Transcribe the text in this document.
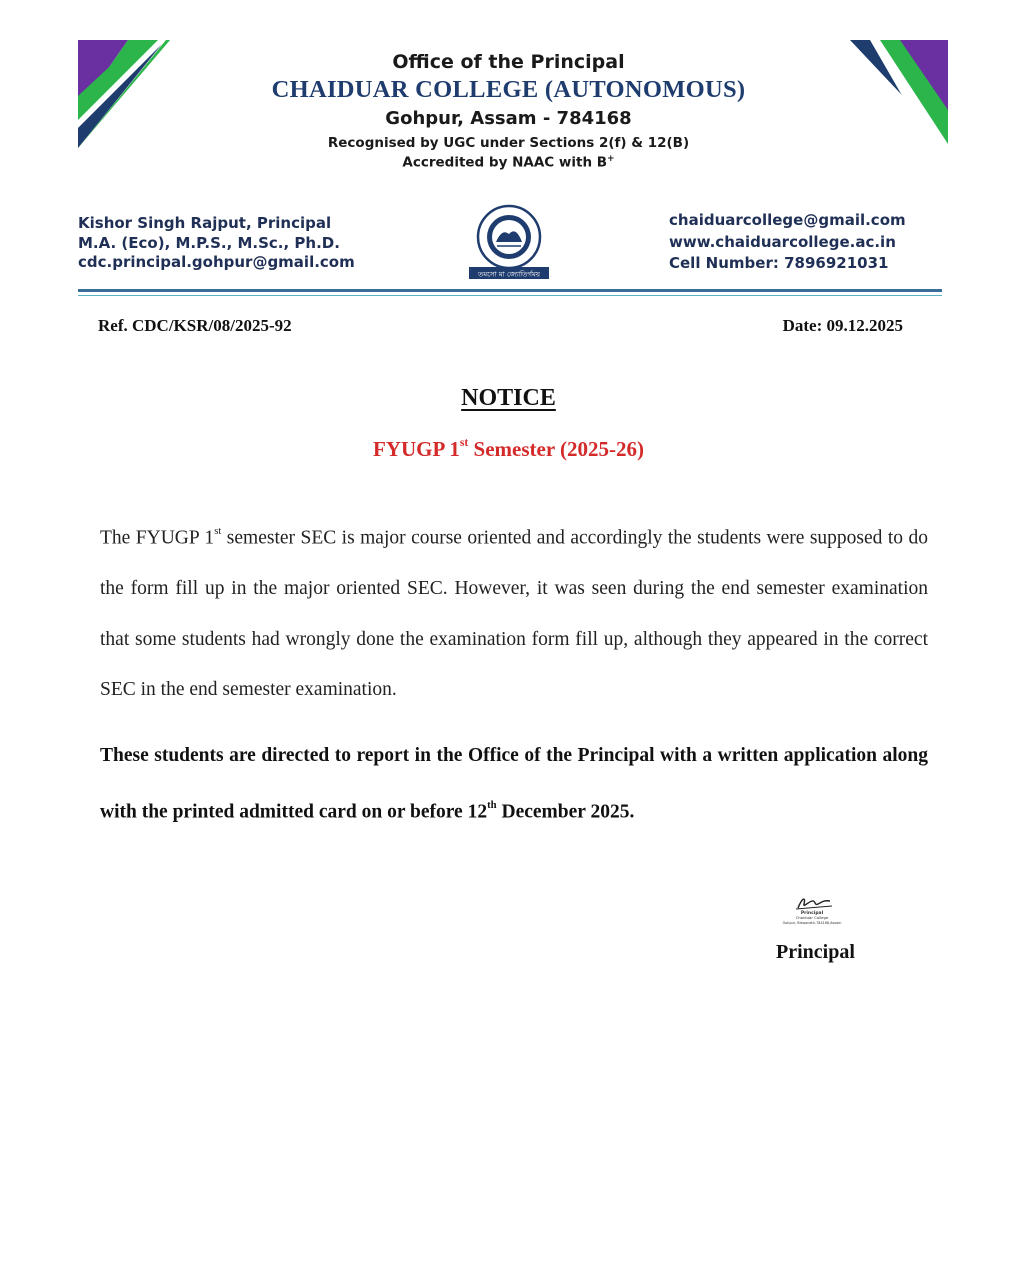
Office of the Principal
CHAIDUAR COLLEGE (AUTONOMOUS)
Gohpur, Assam - 784168
Recognised by UGC under Sections 2(f) & 12(B)
Accredited by NAAC with B+
Kishor Singh Rajput, Principal
M.A. (Eco), M.P.S., M.Sc., Ph.D.
cdc.principal.gohpur@gmail.com
তমসো মা জ্যোতির্গময়
chaiduarcollege@gmail.com
www.chaiduarcollege.ac.in
Cell Number: 7896921031
Ref. CDC/KSR/08/2025-92	Date: 09.12.2025
NOTICE
FYUGP 1st Semester (2025-26)
The FYUGP 1st semester SEC is major course oriented and accordingly the students were supposed to do the form fill up in the major oriented SEC. However, it was seen during the end semester examination that some students had wrongly done the examination form fill up, although they appeared in the correct SEC in the end semester examination.
These students are directed to report in the Office of the Principal with a written application along with the printed admitted card on or before 12th December 2025.
Principal
Chaiduar College
Gohpur, Biswanath-784168,Assam
Principal
